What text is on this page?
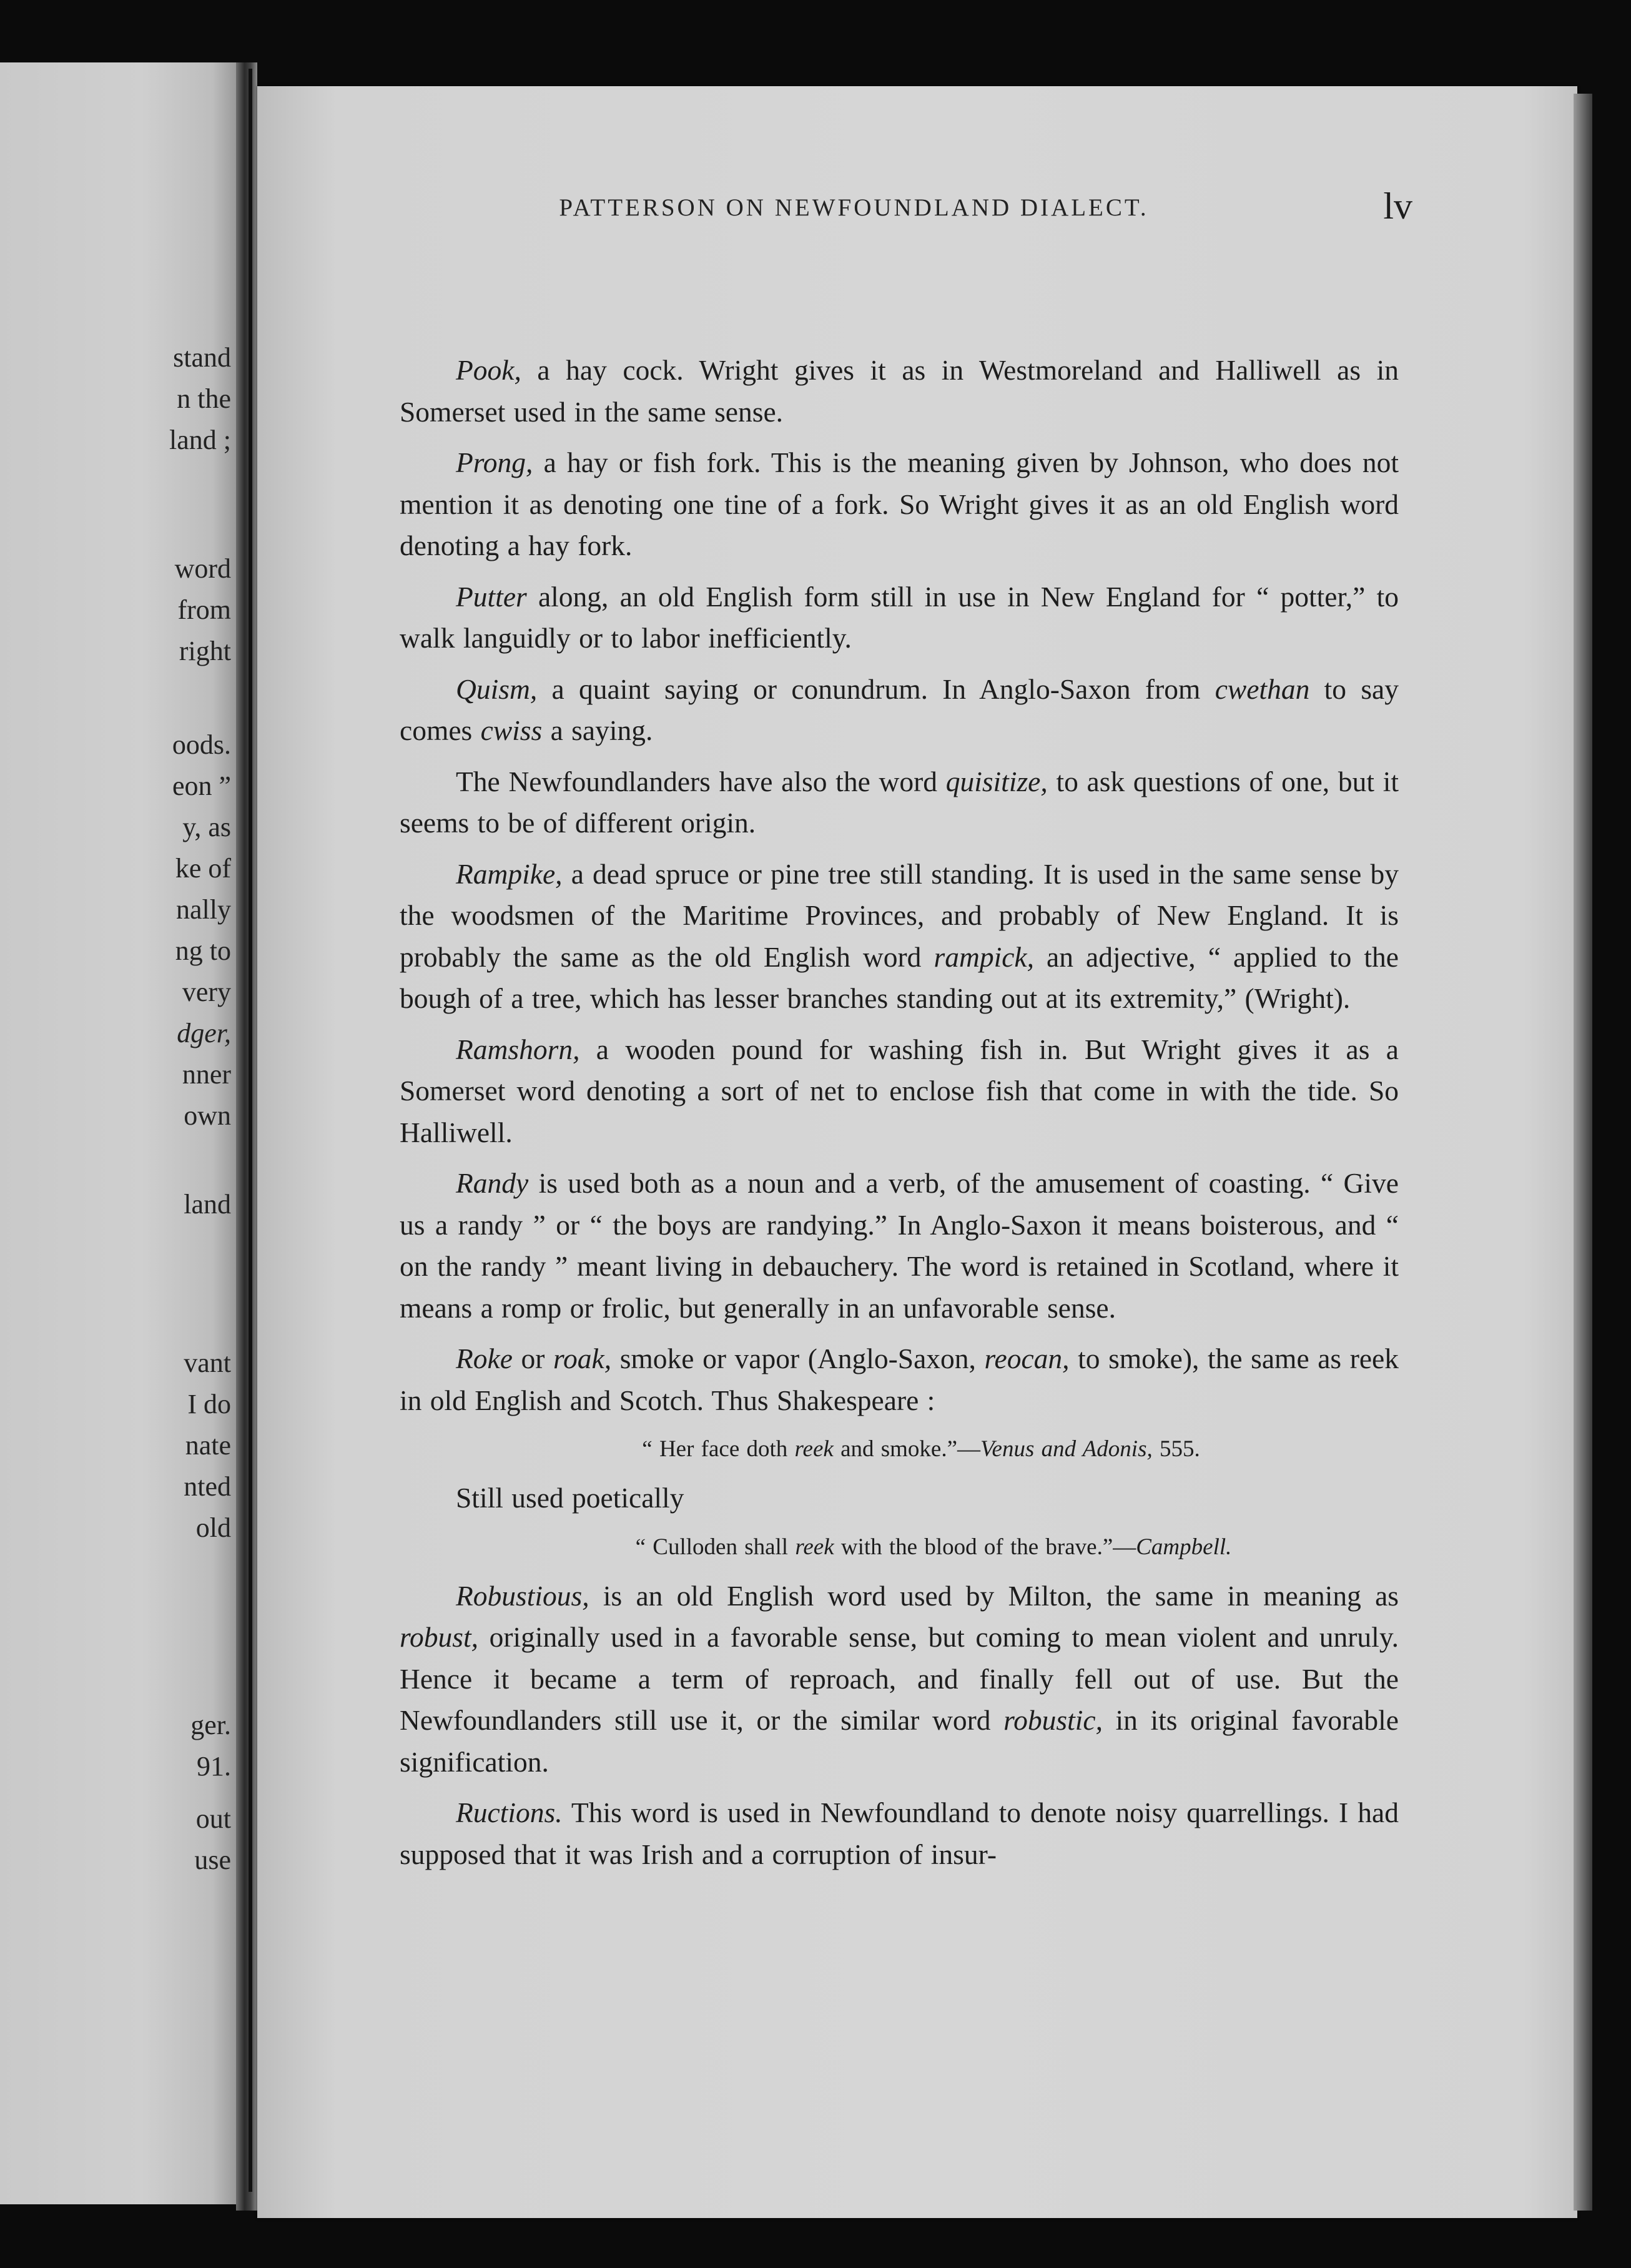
stand

n the

land ;

word

from

right

oods.

eon ”

y, as

ke of

nally

ng to

very

dger,

nner

own

land

vant

I do

nate

nted

old

ger.

91.

out

use

PATTERSON ON NEWFOUNDLAND DIALECT.	lv

Pook, a hay cock. Wright gives it as in Westmoreland and Halliwell as in Somerset used in the same sense.

Prong, a hay or fish fork. This is the meaning given by Johnson, who does not mention it as denoting one tine of a fork. So Wright gives it as an old English word denoting a hay fork.

Putter along, an old English form still in use in New England for “ potter,” to walk languidly or to labor inefficiently.

Quism, a quaint saying or conundrum. In Anglo-Saxon from cwethan to say comes cwiss a saying.

The Newfoundlanders have also the word quisitize, to ask questions of one, but it seems to be of different origin.

Rampike, a dead spruce or pine tree still standing. It is used in the same sense by the woodsmen of the Maritime Provinces, and probably of New England. It is probably the same as the old English word rampick, an adjective, “ applied to the bough of a tree, which has lesser branches standing out at its extremity,” (Wright).

Ramshorn, a wooden pound for washing fish in. But Wright gives it as a Somerset word denoting a sort of net to enclose fish that come in with the tide. So Halliwell.

Randy is used both as a noun and a verb, of the amusement of coasting. “ Give us a randy ” or “ the boys are randying.” In Anglo-Saxon it means boisterous, and “ on the randy ” meant living in debauchery. The word is retained in Scotland, where it means a romp or frolic, but generally in an unfavorable sense.

Roke or roak, smoke or vapor (Anglo-Saxon, reocan, to smoke), the same as reek in old English and Scotch. Thus Shakespeare :

“ Her face doth reek and smoke.”—Venus and Adonis, 555.

Still used poetically

“ Culloden shall reek with the blood of the brave.”—Campbell.

Robustious, is an old English word used by Milton, the same in meaning as robust, originally used in a favorable sense, but coming to mean violent and unruly. Hence it became a term of reproach, and finally fell out of use. But the Newfoundlanders still use it, or the similar word robustic, in its original favorable signification.

Ructions. This word is used in Newfoundland to denote noisy quarrellings. I had supposed that it was Irish and a corruption of insur-
